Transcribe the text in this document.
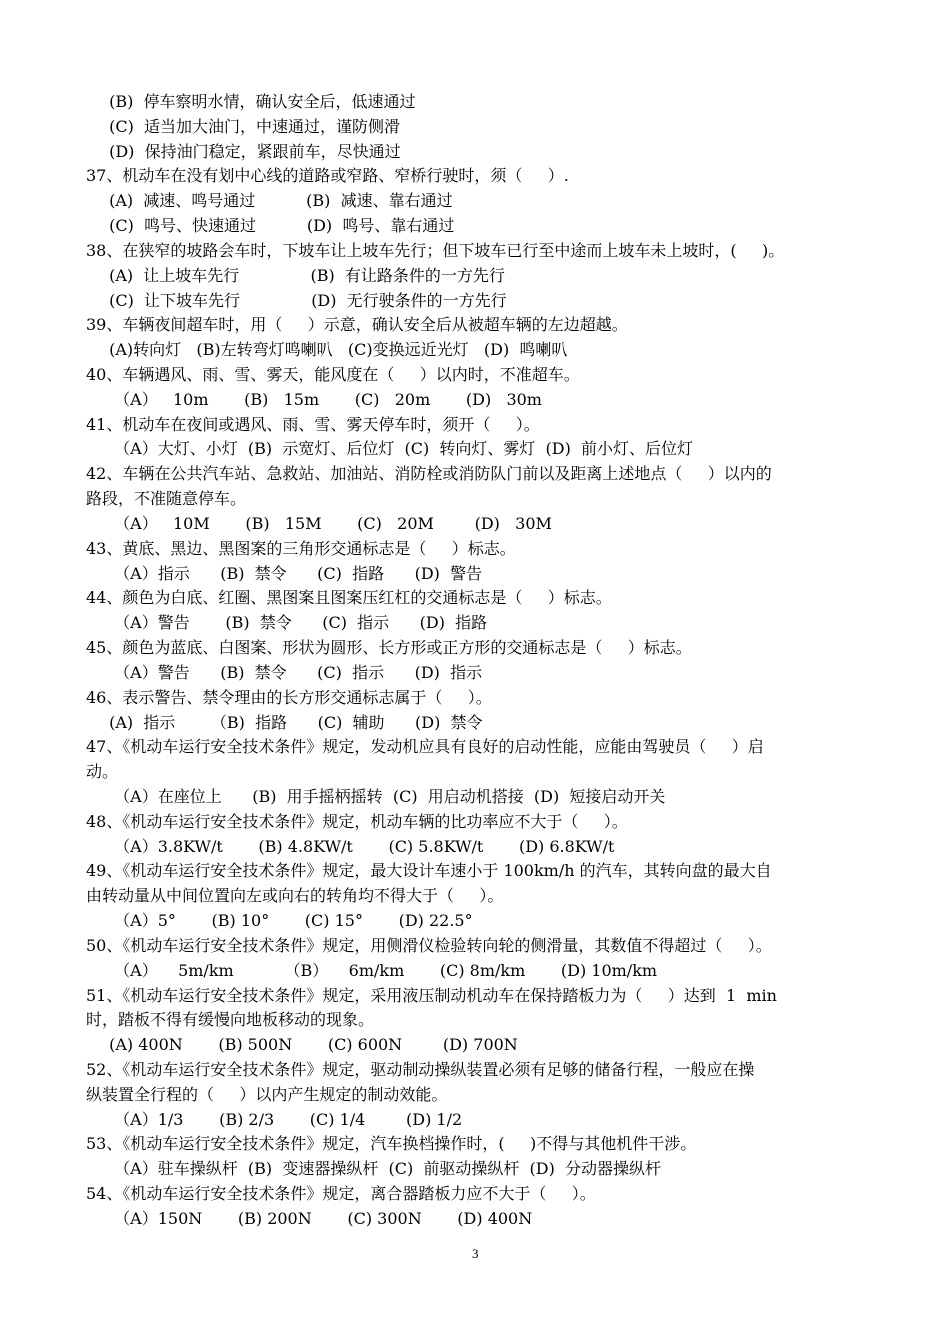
3
(B)  停车察明水情，确认安全后，低速通过
(C)  适当加大油门，中速通过，谨防侧滑
(D)  保持油门稳定，紧跟前车，尽快通过
37、机动车在没有划中心线的道路或窄路、窄桥行驶时，须（     ）.
(A)  减速、鸣号通过          (B)  减速、靠右通过
(C)  鸣号、快速通过          (D)  鸣号、靠右通过
38、在狭窄的坡路会车时，下坡车让上坡车先行；但下坡车已行至中途而上坡车未上坡时，(     )。
(A)  让上坡车先行              (B)  有让路条件的一方先行
(C)  让下坡车先行              (D)  无行驶条件的一方先行
39、车辆夜间超车时，用（     ）示意，确认安全后从被超车辆的左边超越。
(A)转向灯   (B)左转弯灯鸣喇叭   (C)变换远近光灯   (D)  鸣喇叭
40、车辆遇风、雨、雪、雾天，能风度在（     ）以内时，不准超车。
（A）   10m       (B)   15m       (C)   20m       (D)   30m
41、机动车在夜间或遇风、雨、雪、雾天停车时，须开（     ）。
（A）大灯、小灯  (B)  示宽灯、后位灯  (C)  转向灯、雾灯  (D)  前小灯、后位灯
42、车辆在公共汽车站、急救站、加油站、消防栓或消防队门前以及距离上述地点（     ）以内的
路段，不准随意停车。
（A）   10M       (B)   15M       (C)   20M        (D)   30M
43、黄底、黑边、黑图案的三角形交通标志是（     ）标志。
（A）指示      (B)  禁令      (C)  指路      (D)  警告
44、颜色为白底、红圈、黑图案且图案压红杠的交通标志是（     ）标志。
（A）警告       (B)  禁令      (C)  指示      (D)  指路
45、颜色为蓝底、白图案、形状为圆形、长方形或正方形的交通标志是（     ）标志。
（A）警告      (B)  禁令      (C)  指示      (D)  指示
46、表示警告、禁令理由的长方形交通标志属于（     ）。
(A)  指示       （B)  指路      (C)  辅助      (D)  禁令
47、《机动车运行安全技术条件》规定，发动机应具有良好的启动性能，应能由驾驶员（     ）启
动。
（A）在座位上      (B)  用手摇柄摇转  (C)  用启动机搭接  (D)  短接启动开关
48、《机动车运行安全技术条件》规定，机动车辆的比功率应不大于（     ）。
（A）3.8KW/t       (B) 4.8KW/t       (C) 5.8KW/t       (D) 6.8KW/t
49、《机动车运行安全技术条件》规定，最大设计车速小于 100km/h 的汽车，其转向盘的最大自
由转动量从中间位置向左或向右的转角均不得大于（     ）。
（A）5°       (B) 10°       (C) 15°       (D) 22.5°
50、《机动车运行安全技术条件》规定，用侧滑仪检验转向轮的侧滑量，其数值不得超过（     ）。
（A）    5m/km          （B）    6m/km       (C) 8m/km       (D) 10m/km
51、《机动车运行安全技术条件》规定，采用液压制动机动车在保持踏板力为（     ）达到  1  min
时，踏板不得有缓慢向地板移动的现象。
(A) 400N       (B) 500N       (C) 600N        (D) 700N
52、《机动车运行安全技术条件》规定，驱动制动操纵装置必须有足够的储备行程，一般应在操
纵装置全行程的（     ）以内产生规定的制动效能。
（A）1/3       (B) 2/3       (C) 1/4        (D) 1/2
53、《机动车运行安全技术条件》规定，汽车换档操作时，(     )不得与其他机件干涉。
（A）驻车操纵杆  (B)  变速器操纵杆  (C)  前驱动操纵杆  (D)  分动器操纵杆
54、《机动车运行安全技术条件》规定，离合器踏板力应不大于（     ）。
（A）150N       (B) 200N       (C) 300N       (D) 400N
